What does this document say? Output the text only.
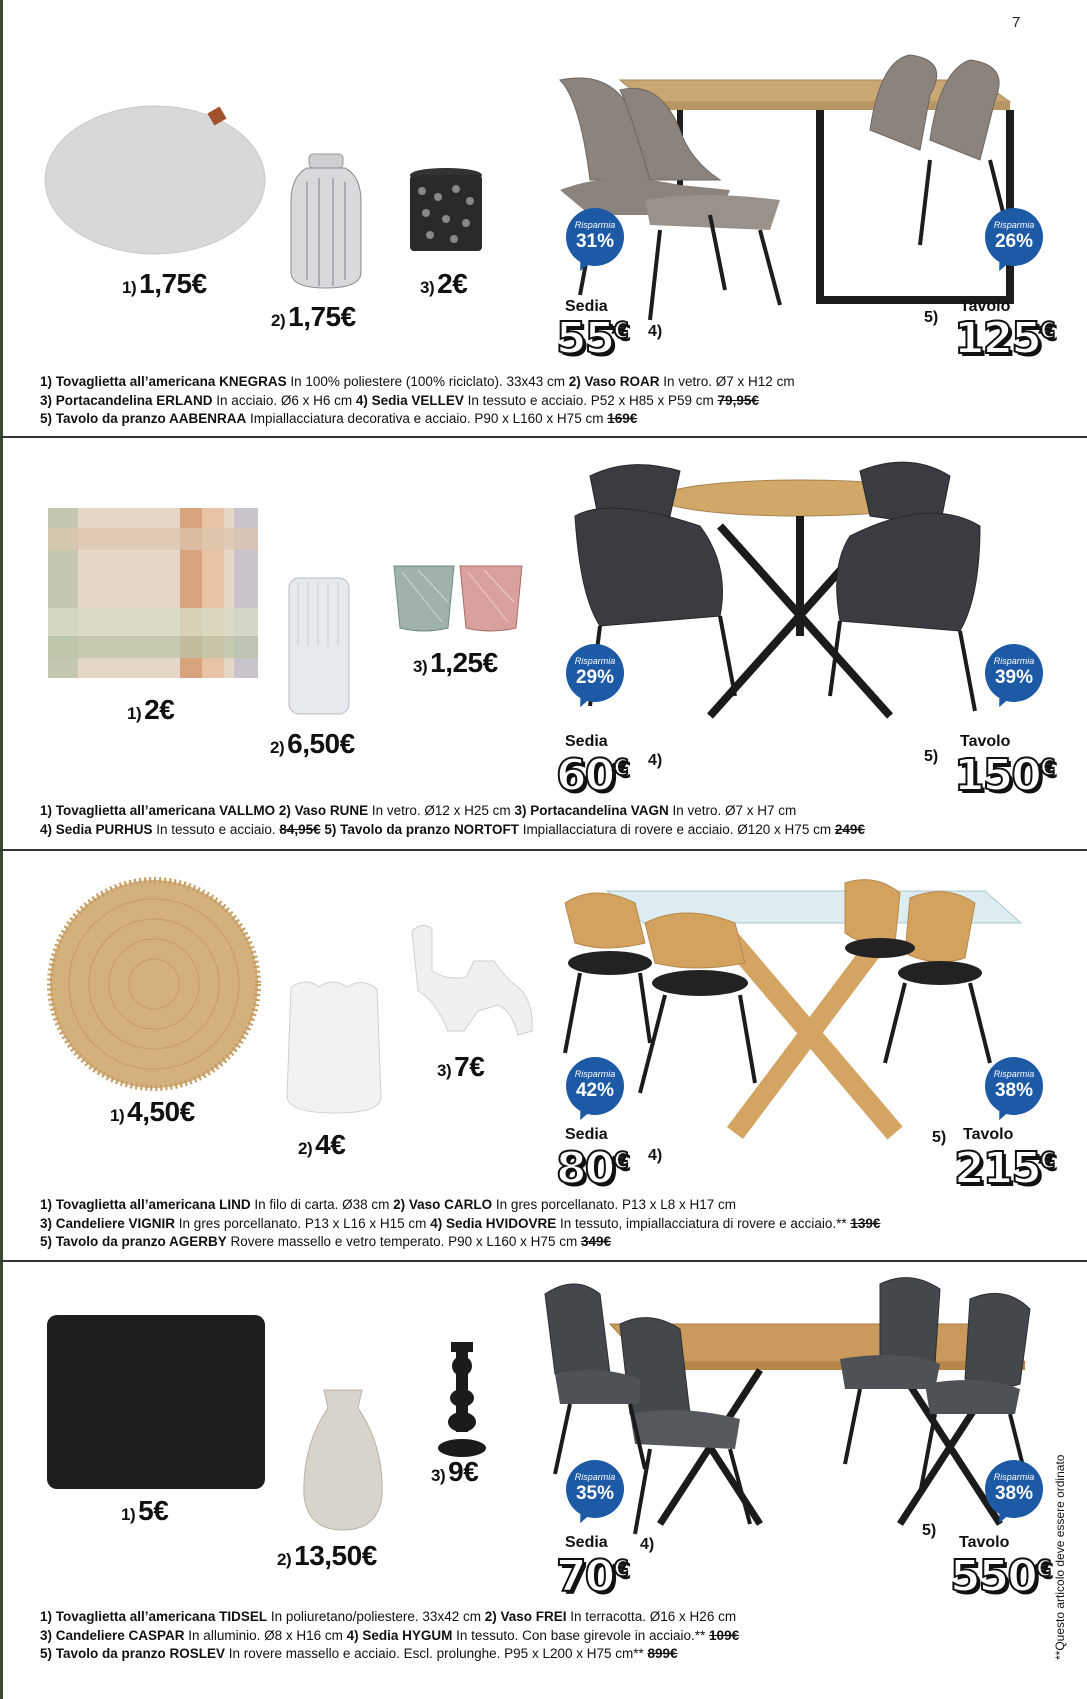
7
1) 1,75€
2) 1,75€
3) 2€
Risparmia
31%
Risparmia
26%
Sedia
55€ 4)
5)
Tavolo
125€
1) Tovaglietta all’americana KNEGRAS In 100% poliestere (100% riciclato). 33x43 cm 2) Vaso ROAR In vetro. Ø7 x H12 cm
3) Portacandelina ERLAND In acciaio. Ø6 x H6 cm 4) Sedia VELLEV In tessuto e acciaio. P52 x H85 x P59 cm 79,95€
5) Tavolo da pranzo AABENRAA Impiallacciatura decorativa e acciaio. P90 x L160 x H75 cm 169€
1) 2€
2) 6,50€
3) 1,25€	Risparmia
29%
Risparmia
39%
Sedia
60€ 4)	5)
Tavolo
150€
1) Tovaglietta all’americana VALLMO 2) Vaso RUNE In vetro. Ø12 x H25 cm 3) Portacandelina VAGN In vetro. Ø7 x H7 cm
4) Sedia PURHUS In tessuto e acciaio. 84,95€ 5) Tavolo da pranzo NORTOFT Impiallacciatura di rovere e acciaio. Ø120 x H75 cm 249€
1) 4,50€
2) 4€
3) 7€	Risparmia
42%
Risparmia
38%
Sedia
80€ 4)
5) Tavolo
215€
1) Tovaglietta all’americana LIND In filo di carta. Ø38 cm 2) Vaso CARLO In gres porcellanato. P13 x L8 x H17 cm
3) Candeliere VIGNIR In gres porcellanato. P13 x L16 x H15 cm 4) Sedia HVIDOVRE In tessuto, impiallacciatura di rovere e acciaio.** 139€
5) Tavolo da pranzo AGERBY Rovere massello e vetro temperato. P90 x L160 x H75 cm 349€
1) 5€
2) 13,50€
3) 9€	Risparmia
35%
Risparmia
38%
Sedia
70€
4)
5)
Tavolo
550€
1) Tovaglietta all’americana TIDSEL In poliuretano/poliestere. 33x42 cm 2) Vaso FREI In terracotta. Ø16 x H26 cm
3) Candeliere CASPAR In alluminio. Ø8 x H16 cm 4) Sedia HYGUM In tessuto. Con base girevole in acciaio.** 109€
5) Tavolo da pranzo ROSLEV In rovere massello e acciaio. Escl. prolunghe. P95 x L200 x H75 cm** 899€	**Questo articolo deve essere ordinato
